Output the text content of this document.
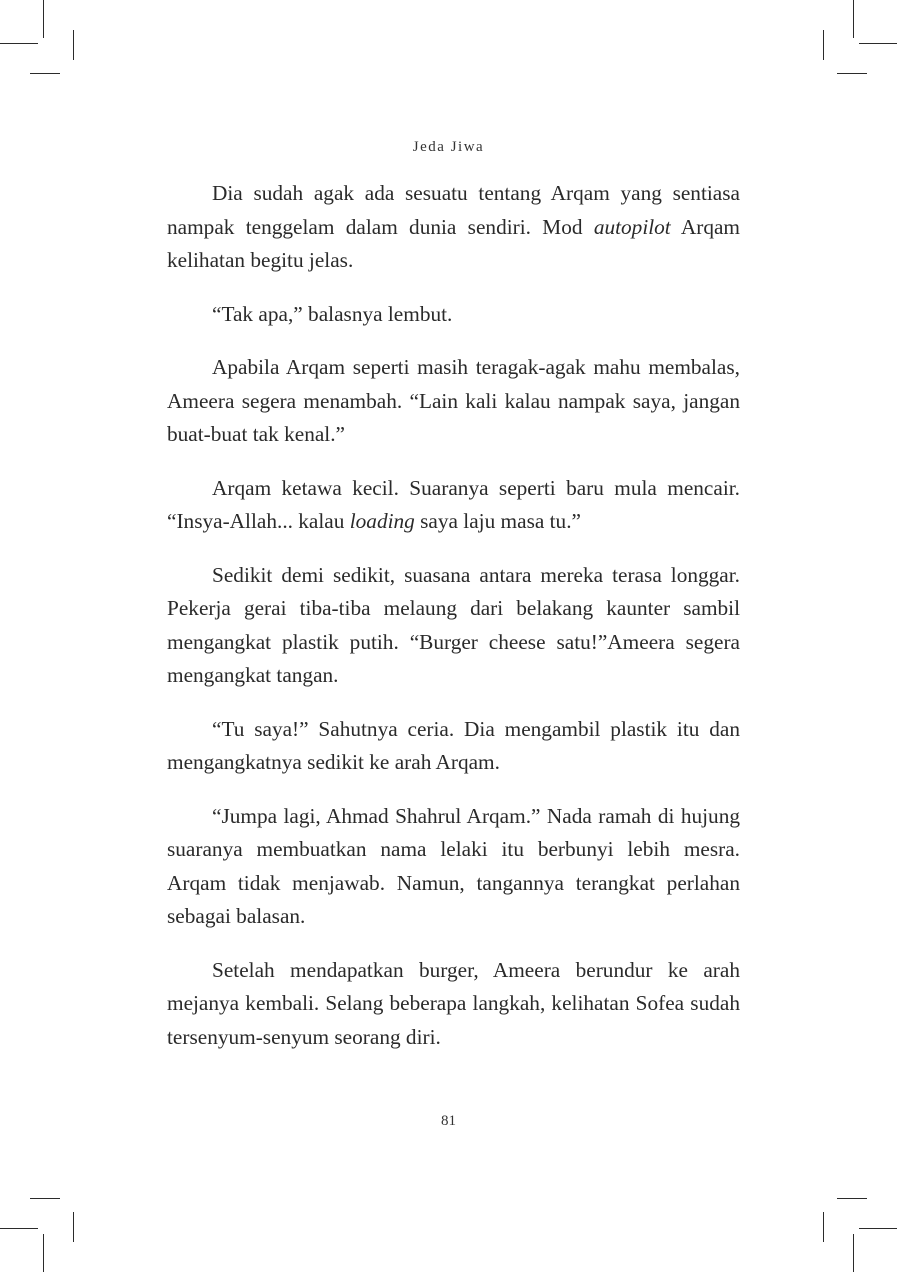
Jeda Jiwa

Dia sudah agak ada sesuatu tentang Arqam yang sentiasa nampak tenggelam dalam dunia sendiri. Mod autopilot Arqam kelihatan begitu jelas.

“Tak apa,” balasnya lembut.

Apabila Arqam seperti masih teragak-agak mahu membalas, Ameera segera menambah. “Lain kali kalau nampak saya, jangan buat-buat tak kenal.”

Arqam ketawa kecil. Suaranya seperti baru mula mencair. “Insya-Allah... kalau loading saya laju masa tu.”

Sedikit demi sedikit, suasana antara mereka terasa longgar. Pekerja gerai tiba-tiba melaung dari belakang kaunter sambil mengangkat plastik putih. “Burger cheese satu!”Ameera segera mengangkat tangan.

“Tu saya!” Sahutnya ceria. Dia mengambil plastik itu dan mengangkatnya sedikit ke arah Arqam.

“Jumpa lagi, Ahmad Shahrul Arqam.” Nada ramah di hujung suaranya membuatkan nama lelaki itu berbunyi lebih mesra. Arqam tidak menjawab. Namun, tangannya terangkat perlahan sebagai balasan.

Setelah mendapatkan burger, Ameera berundur ke arah mejanya kembali. Selang beberapa langkah, kelihatan Sofea sudah tersenyum-senyum seorang diri.

81
